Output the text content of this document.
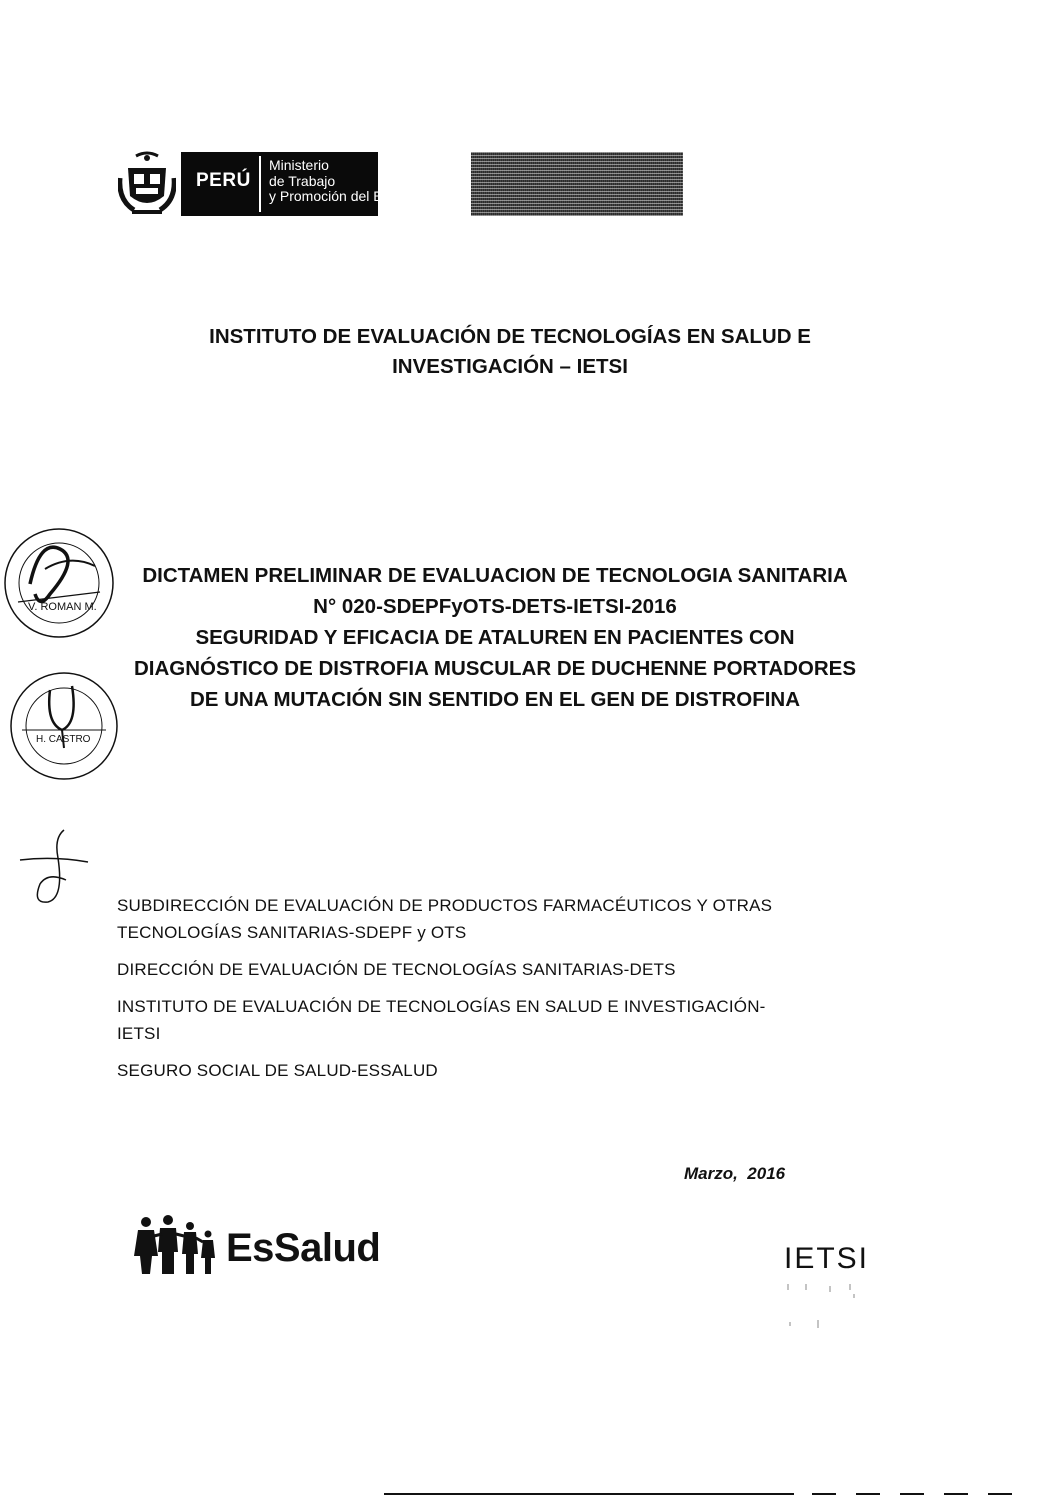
PERÚ
Ministerio
de Trabajo
y Promoción del Empleo
INSTITUTO DE EVALUACIÓN DE TECNOLOGÍAS EN SALUD E
INVESTIGACIÓN – IETSI
V. ROMAN M.
H. CASTRO
DICTAMEN PRELIMINAR DE EVALUACION DE TECNOLOGIA SANITARIA
N° 020-SDEPFyOTS-DETS-IETSI-2016
SEGURIDAD Y EFICACIA DE ATALUREN EN PACIENTES CON
DIAGNÓSTICO DE DISTROFIA MUSCULAR DE DUCHENNE PORTADORES
DE UNA MUTACIÓN SIN SENTIDO EN EL GEN DE DISTROFINA

SUBDIRECCIÓN DE EVALUACIÓN DE PRODUCTOS FARMACÉUTICOS Y OTRAS
TECNOLOGÍAS SANITARIAS-SDEPF y OTS

DIRECCIÓN DE EVALUACIÓN DE TECNOLOGÍAS SANITARIAS-DETS

INSTITUTO DE EVALUACIÓN DE TECNOLOGÍAS EN SALUD E INVESTIGACIÓN-
IETSI

SEGURO SOCIAL DE SALUD-ESSALUD

Marzo,  2016
EsSalud	IETSI
